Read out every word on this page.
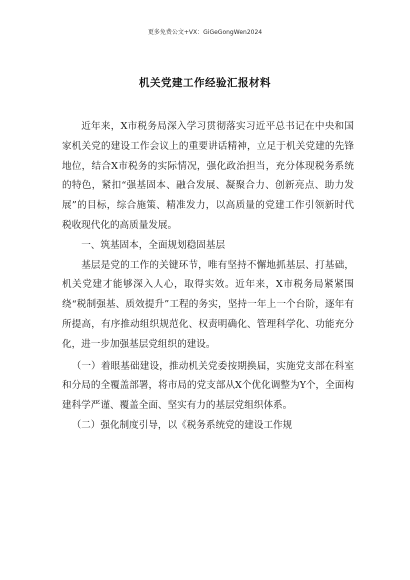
更多免费公文+VX：GiGeGongWen2024
机关党建工作经验汇报材料

近年来，X市税务局深入学习贯彻落实习近平总书记在中央和国家机关党的建设工作会议上的重要讲话精神，立足于机关党建的先锋地位，结合X市税务的实际情况，强化政治担当，充分体现税务系统的特色，紧扣“强基固本、融合发展、凝聚合力、创新亮点、助力发展”的目标，综合施策、精准发力，以高质量的党建工作引领新时代税收现代化的高质量发展。

一、筑基固本，全面规划稳固基层

基层是党的工作的关键环节，唯有坚持不懈地抓基层、打基础，机关党建才能够深入人心，取得实效。近年来，X市税务局紧紧围绕“税制强基、质效提升”工程的务实，坚持一年上一个台阶，逐年有所提高，有序推动组织规范化、权责明确化、管理科学化、功能充分化，进一步加强基层党组织的建设。

（一）着眼基础建设，推动机关党委按期换届，实施党支部在科室和分局的全覆盖部署，将市局的党支部从X个优化调整为Y个，全面构建科学严谨、覆盖全面、坚实有力的基层党组织体系。

（二）强化制度引导，以《税务系统党的建设工作规
